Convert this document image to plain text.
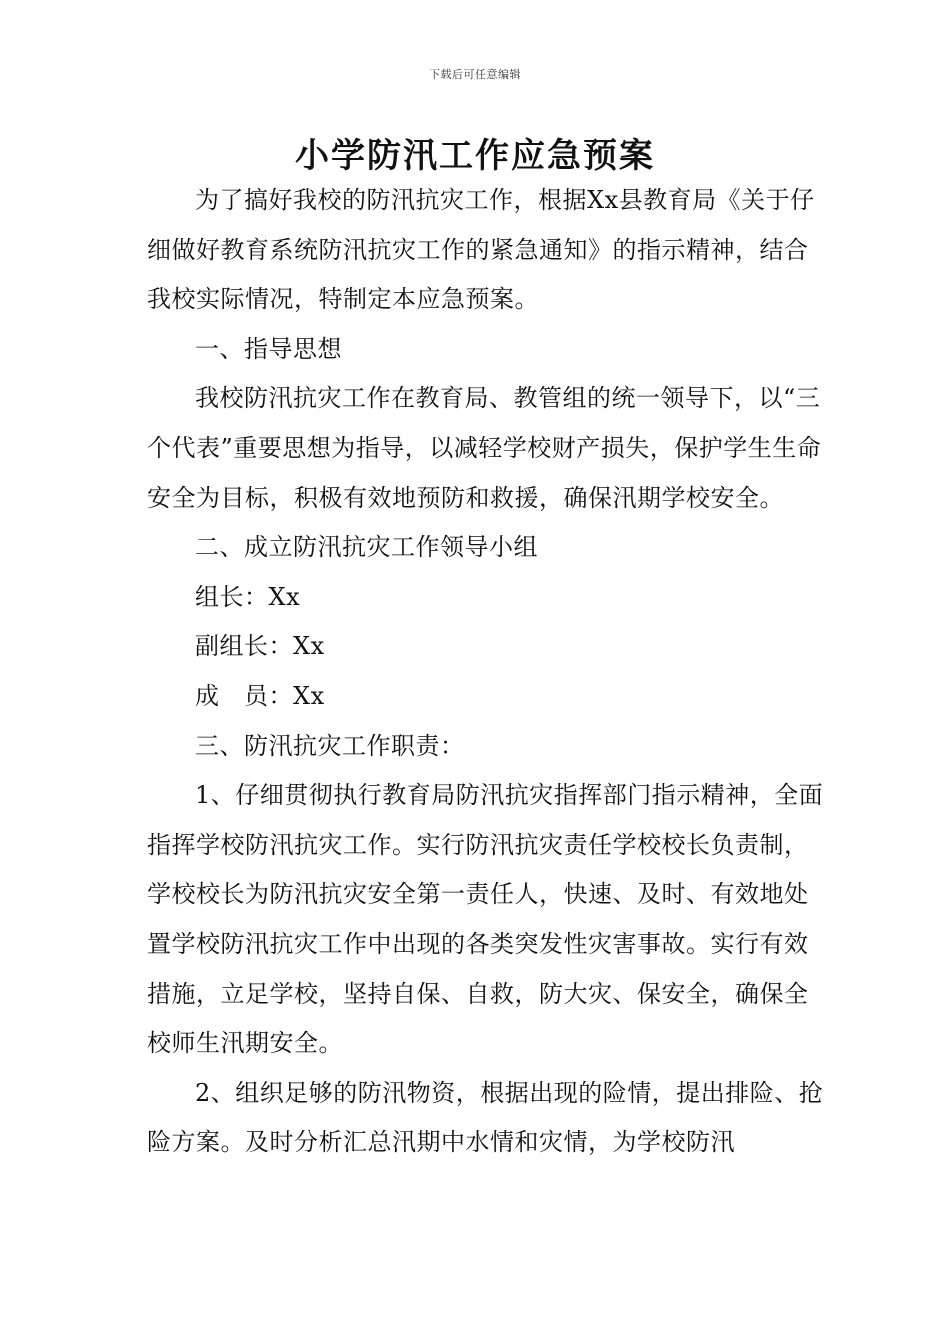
下载后可任意编辑
小学防汛工作应急预案

为了搞好我校的防汛抗灾工作，根据Xx县教育局《关于仔细做好教育系统防汛抗灾工作的紧急通知》的指示精神，结合我校实际情况，特制定本应急预案。

一、指导思想

我校防汛抗灾工作在教育局、教管组的统一领导下，以“三个代表”重要思想为指导，以减轻学校财产损失，保护学生生命安全为目标，积极有效地预防和救援，确保汛期学校安全。

二、成立防汛抗灾工作领导小组

组长：Xx

副组长：Xx

成　员：Xx

三、防汛抗灾工作职责：

1、仔细贯彻执行教育局防汛抗灾指挥部门指示精神，全面指挥学校防汛抗灾工作。实行防汛抗灾责任学校校长负责制，学校校长为防汛抗灾安全第一责任人，快速、及时、有效地处置学校防汛抗灾工作中出现的各类突发性灾害事故。实行有效措施，立足学校，坚持自保、自救，防大灾、保安全，确保全校师生汛期安全。

2、组织足够的防汛物资，根据出现的险情，提出排险、抢险方案。及时分析汇总汛期中水情和灾情，为学校防汛
